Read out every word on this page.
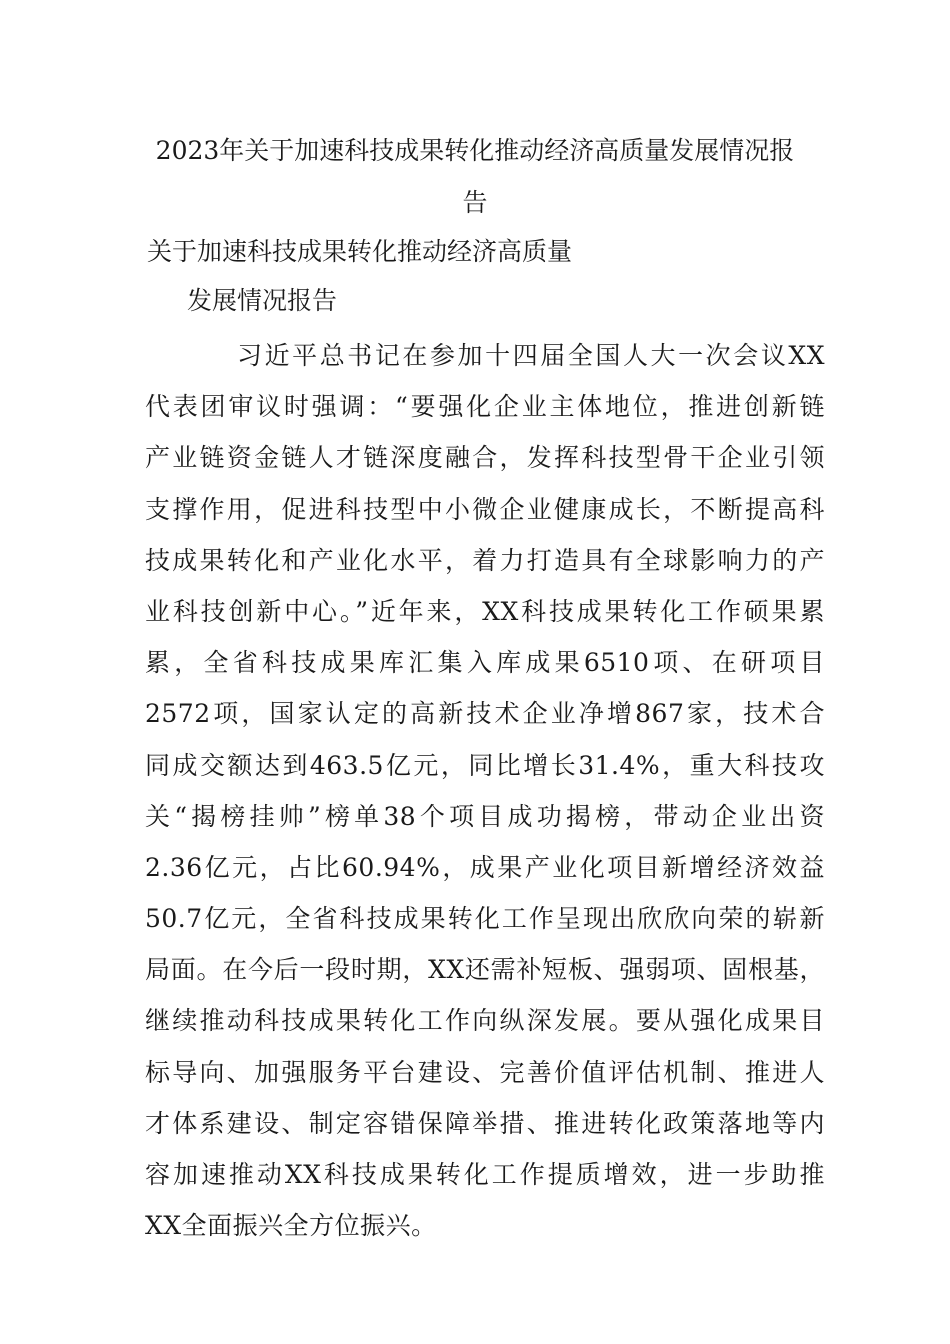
2023年关于加速科技成果转化推动经济高质量发展情况报
告
关于加速科技成果转化推动经济高质量
发展情况报告
习近平总书记在参加十四届全国人大一次会议XX
代表团审议时强调：“要强化企业主体地位，推进创新链
产业链资金链人才链深度融合，发挥科技型骨干企业引领
支撑作用，促进科技型中小微企业健康成长，不断提高科
技成果转化和产业化水平，着力打造具有全球影响力的产
业科技创新中心。”近年来，XX科技成果转化工作硕果累
累，全省科技成果库汇集入库成果6510项、在研项目
2572项，国家认定的高新技术企业净增867家，技术合
同成交额达到463.5亿元，同比增长31.4%，重大科技攻
关“揭榜挂帅”榜单38个项目成功揭榜，带动企业出资
2.36亿元，占比60.94%，成果产业化项目新增经济效益
50.7亿元，全省科技成果转化工作呈现出欣欣向荣的崭新
局面。在今后一段时期，XX还需补短板、强弱项、固根基，
继续推动科技成果转化工作向纵深发展。要从强化成果目
标导向、加强服务平台建设、完善价值评估机制、推进人
才体系建设、制定容错保障举措、推进转化政策落地等内
容加速推动XX科技成果转化工作提质增效，进一步助推
XX全面振兴全方位振兴。
